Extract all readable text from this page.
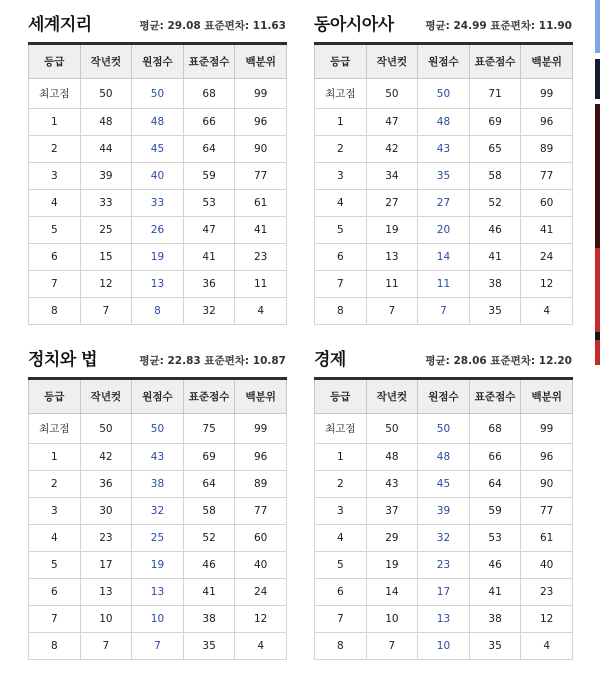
세계지리	평균: 29.08 표준편차: 11.63
등급	작년컷	원점수	표준점수	백분위
최고점	50	50	68	99
1	48	48	66	96
2	44	45	64	90
3	39	40	59	77
4	33	33	53	61
5	25	26	47	41
6	15	19	41	23
7	12	13	36	11
8	7	8	32	4
동아시아사	평균: 24.99 표준편차: 11.90
등급	작년컷	원점수	표준점수	백분위
최고점	50	50	71	99
1	47	48	69	96
2	42	43	65	89
3	34	35	58	77
4	27	27	52	60
5	19	20	46	41
6	13	14	41	24
7	11	11	38	12
8	7	7	35	4
정치와 법	평균: 22.83 표준편차: 10.87
등급	작년컷	원점수	표준점수	백분위
최고점	50	50	75	99
1	42	43	69	96
2	36	38	64	89
3	30	32	58	77
4	23	25	52	60
5	17	19	46	40
6	13	13	41	24
7	10	10	38	12
8	7	7	35	4
경제	평균: 28.06 표준편차: 12.20
등급	작년컷	원점수	표준점수	백분위
최고점	50	50	68	99
1	48	48	66	96
2	43	45	64	90
3	37	39	59	77
4	29	32	53	61
5	19	23	46	40
6	14	17	41	23
7	10	13	38	12
8	7	10	35	4
